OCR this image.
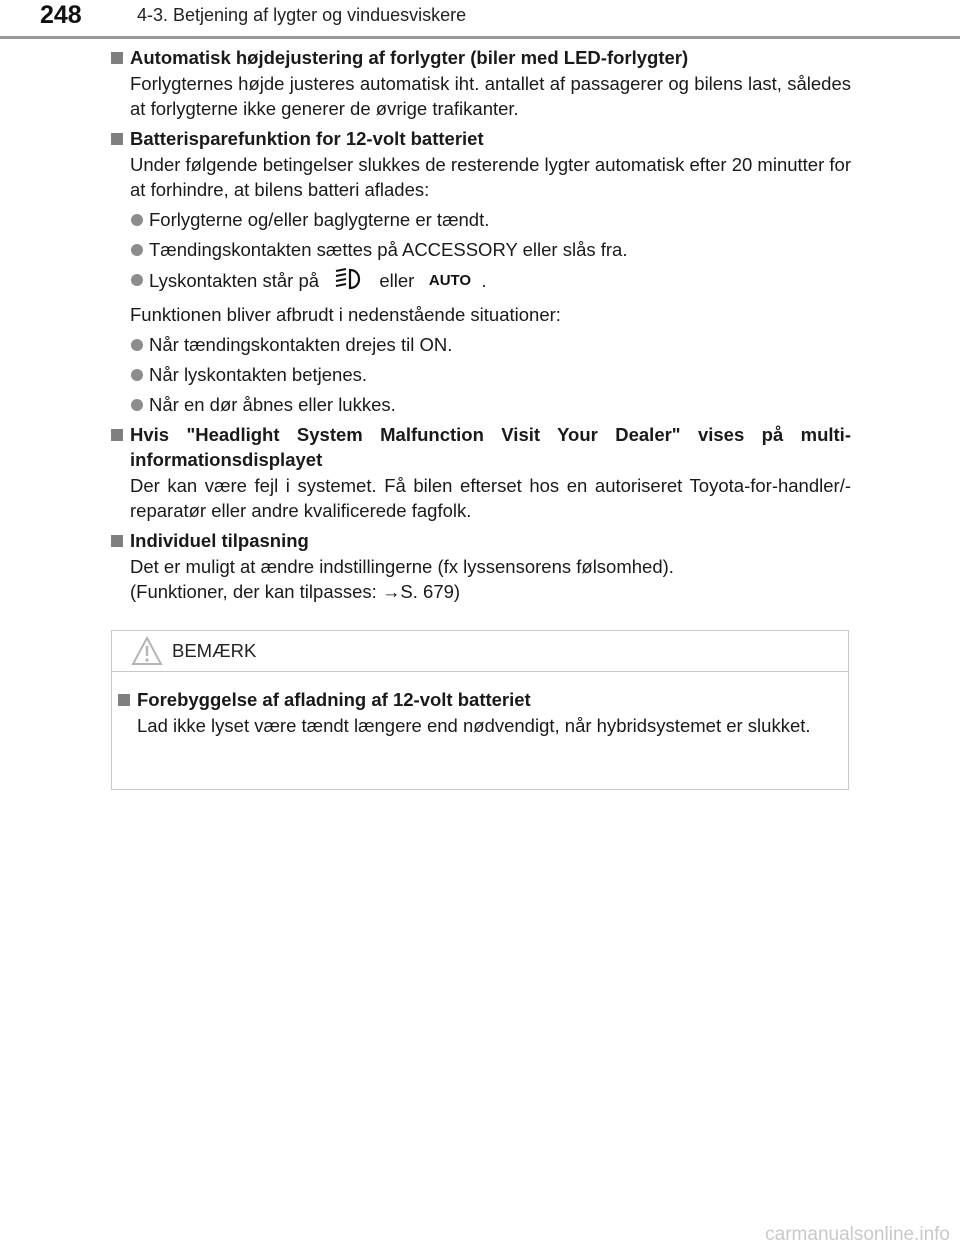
248	4-3. Betjening af lygter og vinduesviskere

Automatisk højdejustering af forlygter (biler med LED-forlygter)

Forlygternes højde justeres automatisk iht. antallet af passagerer og bilens last, således at forlygterne ikke generer de øvrige trafikanter.

Batterisparefunktion for 12-volt batteriet

Under følgende betingelser slukkes de resterende lygter automatisk efter 20 minutter for at forhindre, at bilens batteri aflades:

Forlygterne og/eller baglygterne er tændt.
Tændingskontakten sættes på ACCESSORY eller slås fra.
Lyskontakten står på	eller AUTO .

Funktionen bliver afbrudt i nedenstående situationer:

Når tændingskontakten drejes til ON.
Når lyskontakten betjenes.
Når en dør åbnes eller lukkes.

Hvis "Headlight System Malfunction Visit Your Dealer" vises på multi-informationsdisplayet

Der kan være fejl i systemet. Få bilen efterset hos en autoriseret Toyota-for-handler/-reparatør eller andre kvalificerede fagfolk.

Individuel tilpasning

Det er muligt at ændre indstillingerne (fx lyssensorens følsomhed).

(Funktioner, der kan tilpasses: →S. 679)

BEMÆRK

Forebyggelse af afladning af 12-volt batteriet

Lad ikke lyset være tændt længere end nødvendigt, når hybridsystemet er slukket.

carmanualsonline.info
